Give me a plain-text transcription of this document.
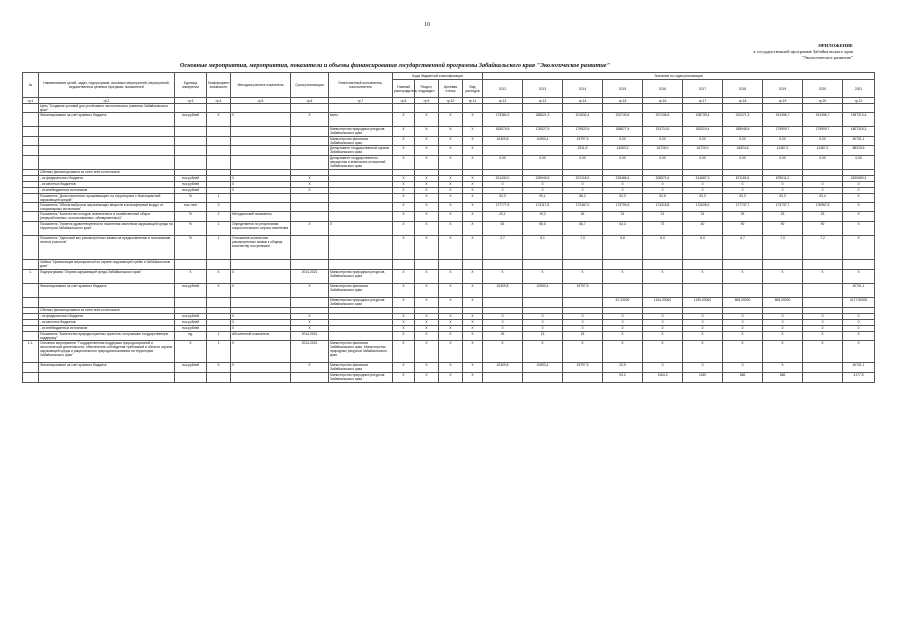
10
ПРИЛОЖЕНИЕ
к государственной программе Забайкальского края
"Экологическое развитие"
Основные мероприятия, мероприятия, показатели и объемы финансирования государственной программы Забайкальского края "Экологическое развитие"
№	Наименование целей, задач, подпрограмм, основных мероприятий, мероприятий, ведомственных целевых программ, показателей	Единица измерения	Коэффициент значимости	Методика расчета показателя	Сроки реализации	Ответственный исполнитель, соисполнитель	Коды бюджетной классификации				Значения по годам реализации									
							Главный распорядитель	Раздел, подраздел	Целевая статья	Вид расходов	2012	2013	2014	2015	2016	2017	2018	2019	2020	2021
гр.1	гр.2	гр.3	гр.4	гр.5	гр.6	гр.7	гр.8	гр.9	гр.10	гр.11	гр.12	гр.13	гр.14	гр.15	гр.16	гр.17	гр.18	гр.19	гр.20	гр.21
	Цель "Создание условий для устойчивого экологического развития Забайкальского края"																			
	Финансирование за счет краевого бюджета	тыс.рублей	Х	Х	Х	всего	Х	Х	Х	Х	173384,3	188621,3	201632,4	202740,6	207436,5	198739,4	202471,3	191396,7	191396,7	1957219,4
						Министерство природных ресурсов Забайкальского края	Х	Х	Х	Х	163074,5	178027,9	179522,9	188677,4	191710,5	182019,4	185946,5	179909,7	179909,7	1807318,3
						Министерство финансов Забайкальского края	Х	Х	Х	Х	10309,8	10593,4	19797,9	0,00	0,00	0,00	0,00	0,00	0,00	40701,1
						Департамент государственной охраны Забайкальского края	Х	Х	Х	Х			2311,6	14063,2	15726,0	16720,0	16524,8	11487,0	11487,0	88319,6
						Департамент государственного имущества и земельных отношений Забайкальского края	Х	Х	Х	Х	0,00	0,00	0,00	0,00	0,00	0,00	0,00	0,00	0,00	0,00
	Объемы финансирования за счет всех источников																			
	- из федерального бюджета	тыс.рублей		Х	Х		Х	Х	Х	Х	201432,0	226943,9	207418,3	215466,4	208571,6	214687,3	671152,6	675011,2		2620683,3
	- из местных бюджетов	тыс.рублей		Х	Х		Х	Х	Х	Х	0	0	0	0	0	0	0	0	0	0
	- из внебюджетных источников	тыс.рублей		Х	Х		Х	Х	Х	Х	0	0	0	0	0	0	0	0	0	0
	Показатель "Доля населения, проживающего на территориях с благоприятной окружающей средой"	%	1				Х	Х	Х	Х	92,3	90,1	86,2	92,3	92,5	93,3	93,3	93,3	93,4	Х
	Показатель "Объем выбросов загрязняющих веществ в атмосферный воздух от стационарных источников"	тыс.тонн	0				Х	Х	Х	Х	177777,9	174117,5	172467,0	173790,9	174315,8	172626,0	177737,7	173737,7	176957,9	Х
	Показатель "Количество отходов, вовлеченных в хозяйственный оборот (переработанных, использованных, обезвреженных)"	%	2	Методический показатель			Х	Х	Х	Х	20,1	19,2	26	31	21	31	25	33	33	Х
	Показатель "Уровень удовлетворенности населения качеством окружающей среды на территории Забайкальского края"	%	1	Определяется по результатам социологического опроса населения	Х	Х	Х	Х	Х	Х	63	65,0	66,7	64,3	73	40	90	90	90	Х
	Показатель "Удельный вес рассмотренных заявок на предоставление в пользование лесных участков"	%	1	Отношение количества рассмотренных заявок к общему количеству поступивших			Х	Х	Х	Х	2,7	6,1	7,0	5,8	6,0	6,0	6,7	7,0	7,2	Х
	Задача "Организация мероприятий по охране окружающей среды в Забайкальском крае"																			
1.	Подпрограмма "Охрана окружающей среды Забайкальского края"	Х	Х	Х	2014-2021	Министерство природных ресурсов Забайкальского края	Х	Х	Х	Х	Х	Х	Х	Х	Х	Х	Х	Х	Х	Х
	Финансирование за счет краевого бюджета	тыс.рублей	Х	Х	Х	Министерство финансов Забайкальского края	Х	Х	Х	Х	10309,8	10593,4	19797,9							40701,1
						Министерство природных ресурсов Забайкальского края	Х	Х	Х	Х				67,20000	1164,30000	1150,00000	665,00000	665,00000		4177,50000
	Объемы финансирования за счет всех источников																			
	- из федерального бюджета	тыс.рублей		Х	Х		Х	Х	Х	Х	0	0	0	0	0	0	0	0	0	0
	- из местных бюджетов	тыс.рублей		Х	Х		Х	Х	Х	Х	0	0	0	0	0	0	0	0	0	0
	- из внебюджетных источников	тыс.рублей		Х	Х		Х	Х	Х	Х	0	0	0	0	0	0	0	0	0	0
	Показатель "Количество природоохранных проектов, получивших государственную поддержку"	ед.	1	Абсолютный показатель	2014-2021		Х	Х	Х	Х	26	13	15	Х	Х	Х	Х	Х	Х	Х
1.1.	Основное мероприятие "Государственная поддержка природоохранной и экологической деятельности, обеспечение соблюдения требований в области охраны окружающей среды и рационального природопользования на территории Забайкальского края"	Х	1	Х	2014-2021	Министерство финансов Забайкальского края, Министерство природных ресурсов Забайкальского края	Х	Х	Х	Х	Х	Х	Х	Х	Х	Х	Х	Х	Х	Х
	Финансирование за счет краевого бюджета	тыс.рублей	Х	Х	Х	Министерство финансов Забайкальского края	Х	Х	Х	Х	10309,8	10593,4	19797,9	20,9	0	0	0	Х		40701,1
						Министерство природных ресурсов Забайкальского края	Х	Х	Х	Х				93,2	1164,3	1150	665	665		4177,5
